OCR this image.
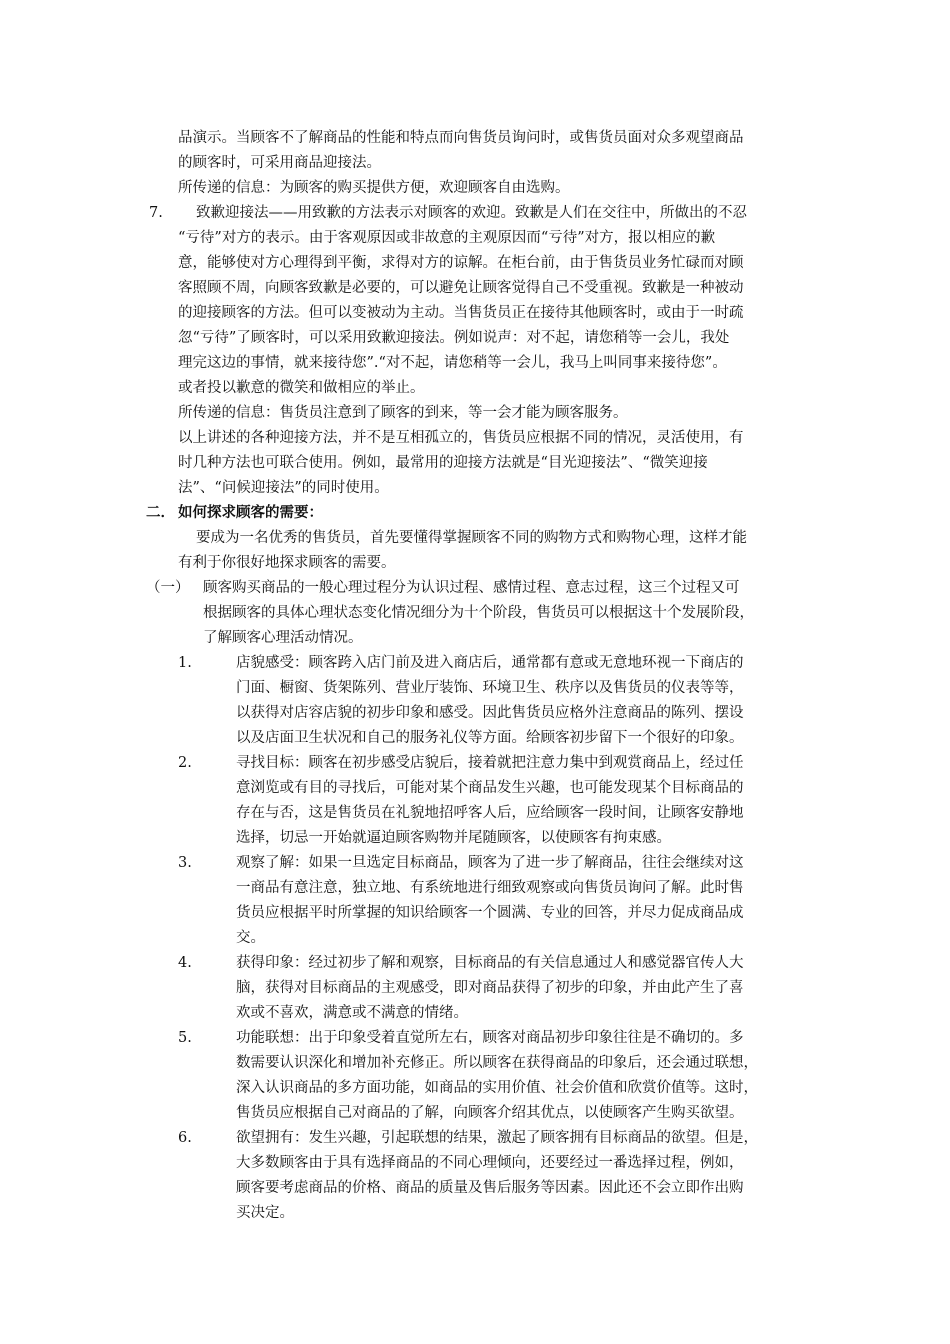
品演示。当顾客不了解商品的性能和特点而向售货员询问时，或售货员面对众多观望商品
的顾客时，可采用商品迎接法。
所传递的信息：为顾客的购买提供方便，欢迎顾客自由选购。
7. 致歉迎接法——用致歉的方法表示对顾客的欢迎。致歉是人们在交往中，所做出的不忍
“亏待”对方的表示。由于客观原因或非故意的主观原因而“亏待”对方，报以相应的歉
意，能够使对方心理得到平衡，求得对方的谅解。在柜台前，由于售货员业务忙碌而对顾
客照顾不周，向顾客致歉是必要的，可以避免让顾客觉得自己不受重视。致歉是一种被动
的迎接顾客的方法。但可以变被动为主动。当售货员正在接待其他顾客时，或由于一时疏
忽“亏待”了顾客时，可以采用致歉迎接法。例如说声：对不起，请您稍等一会儿，我处
理完这边的事情，就来接待您”.“对不起，请您稍等一会儿，我马上叫同事来接待您”。
或者投以歉意的微笑和做相应的举止。
所传递的信息：售货员注意到了顾客的到来，等一会才能为顾客服务。
以上讲述的各种迎接方法，并不是互相孤立的，售货员应根据不同的情况，灵活使用，有
时几种方法也可联合使用。例如，最常用的迎接方法就是“目光迎接法”、“微笑迎接
法”、“问候迎接法”的同时使用。
二． 如何探求顾客的需要：
要成为一名优秀的售货员，首先要懂得掌握顾客不同的购物方式和购物心理，这样才能
有利于你很好地探求顾客的需要。
（一） 顾客购买商品的一般心理过程分为认识过程、感情过程、意志过程，这三个过程又可
根据顾客的具体心理状态变化情况细分为十个阶段，售货员可以根据这十个发展阶段，
了解顾客心理活动情况。
1.	店貌感受：顾客跨入店门前及进入商店后，通常都有意或无意地环视一下商店的
门面、橱窗、货架陈列、营业厅装饰、环境卫生、秩序以及售货员的仪表等等，
以获得对店容店貌的初步印象和感受。因此售货员应格外注意商品的陈列、摆设
以及店面卫生状况和自己的服务礼仪等方面。给顾客初步留下一个很好的印象。
2.	寻找目标：顾客在初步感受店貌后，接着就把注意力集中到观赏商品上，经过任
意浏览或有目的寻找后，可能对某个商品发生兴趣，也可能发现某个目标商品的
存在与否，这是售货员在礼貌地招呼客人后，应给顾客一段时间，让顾客安静地
选择，切忌一开始就逼迫顾客购物并尾随顾客，以使顾客有拘束感。
3.	观察了解：如果一旦选定目标商品，顾客为了进一步了解商品，往往会继续对这
一商品有意注意，独立地、有系统地进行细致观察或向售货员询问了解。此时售
货员应根据平时所掌握的知识给顾客一个圆满、专业的回答，并尽力促成商品成
交。
4.	获得印象：经过初步了解和观察，目标商品的有关信息通过人和感觉器官传人大
脑，获得对目标商品的主观感受，即对商品获得了初步的印象，并由此产生了喜
欢或不喜欢，满意或不满意的情绪。
5.	功能联想：出于印象受着直觉所左右，顾客对商品初步印象往往是不确切的。多
数需要认识深化和增加补充修正。所以顾客在获得商品的印象后，还会通过联想，
深入认识商品的多方面功能，如商品的实用价值、社会价值和欣赏价值等。这时，
售货员应根据自己对商品的了解，向顾客介绍其优点，以使顾客产生购买欲望。
6.	欲望拥有：发生兴趣，引起联想的结果，激起了顾客拥有目标商品的欲望。但是，
大多数顾客由于具有选择商品的不同心理倾向，还要经过一番选择过程，例如，
顾客要考虑商品的价格、商品的质量及售后服务等因素。因此还不会立即作出购
买决定。
